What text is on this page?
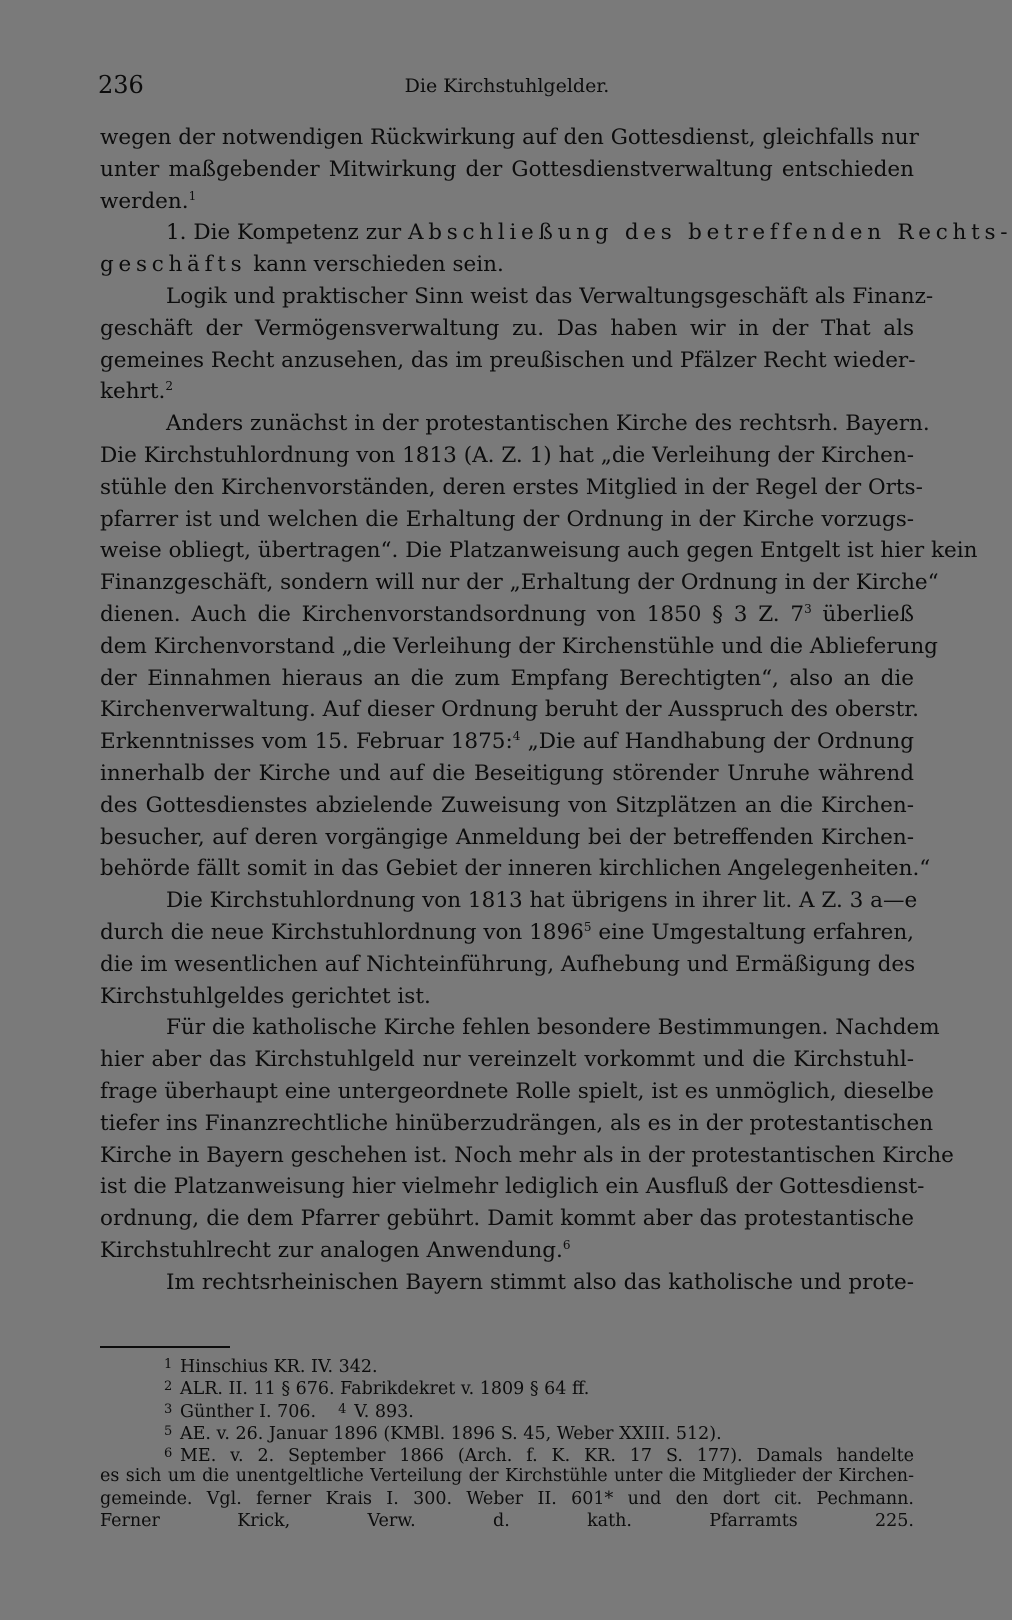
236	Die Kirchstuhlgelder.
wegen der notwendigen Rückwirkung auf den Gottesdienst, gleichfalls nur
unter maßgebender Mitwirkung der Gottesdienstverwaltung entschieden
werden.$^1$
1. Die Kompetenz zur Abschließung des betreffenden Rechts-
geschäfts kann verschieden sein.
Logik und praktischer Sinn weist das Verwaltungsgeschäft als Finanz-
geschäft der Vermögensverwaltung zu. Das haben wir in der That als
gemeines Recht anzusehen, das im preußischen und Pfälzer Recht wieder-
kehrt.$^2$
Anders zunächst in der protestantischen Kirche des rechtsrh. Bayern.
Die Kirchstuhlordnung von 1813 (A. Z. 1) hat „die Verleihung der Kirchen-
stühle den Kirchenvorständen, deren erstes Mitglied in der Regel der Orts-
pfarrer ist und welchen die Erhaltung der Ordnung in der Kirche vorzugs-
weise obliegt, übertragen“. Die Platzanweisung auch gegen Entgelt ist hier kein
Finanzgeschäft, sondern will nur der „Erhaltung der Ordnung in der Kirche“
dienen. Auch die Kirchenvorstandsordnung von 1850 § 3 Z. $7^3$ überließ
dem Kirchenvorstand „die Verleihung der Kirchenstühle und die Ablieferung
der Einnahmen hieraus an die zum Empfang Berechtigten“, also an die
Kirchenverwaltung. Auf dieser Ordnung beruht der Ausspruch des oberstr.
Erkenntnisses vom 15. Februar 1875:$^4$ „Die auf Handhabung der Ordnung
innerhalb der Kirche und auf die Beseitigung störender Unruhe während
des Gottesdienstes abzielende Zuweisung von Sitzplätzen an die Kirchen-
besucher, auf deren vorgängige Anmeldung bei der betreffenden Kirchen-
behörde fällt somit in das Gebiet der inneren kirchlichen Angelegenheiten.“
Die Kirchstuhlordnung von 1813 hat übrigens in ihrer lit. A Z. 3 a—e
durch die neue Kirchstuhlordnung von 1896$^5$ eine Umgestaltung erfahren,
die im wesentlichen auf Nichteinführung, Aufhebung und Ermäßigung des
Kirchstuhlgeldes gerichtet ist.
Für die katholische Kirche fehlen besondere Bestimmungen. Nachdem
hier aber das Kirchstuhlgeld nur vereinzelt vorkommt und die Kirchstuhl-
frage überhaupt eine untergeordnete Rolle spielt, ist es unmöglich, dieselbe
tiefer ins Finanzrechtliche hinüberzudrängen, als es in der protestantischen
Kirche in Bayern geschehen ist. Noch mehr als in der protestantischen Kirche
ist die Platzanweisung hier vielmehr lediglich ein Ausfluß der Gottesdienst-
ordnung, die dem Pfarrer gebührt. Damit kommt aber das protestantische
Kirchstuhlrecht zur analogen Anwendung.$^6$
Im rechtsrheinischen Bayern stimmt also das katholische und prote-
1 Hinschius KR. IV. 342.
2 ALR. II. 11 § 676. Fabrikdekret v. 1809 § 64 ff.
3 Günther I. 706. 4 V. 893.
5 AE. v. 26. Januar 1896 (KMBl. 1896 S. 45, Weber XXIII. 512).
6 ME. v. 2. September 1866 (Arch. f. K. KR. 17 S. 177). Damals handelte
es sich um die unentgeltliche Verteilung der Kirchstühle unter die Mitglieder der Kirchen-
gemeinde. Vgl. ferner Krais I. 300. Weber II. 601* und den dort cit. Pechmann.
Ferner Krick, Verw. d. kath. Pfarramts 225.
